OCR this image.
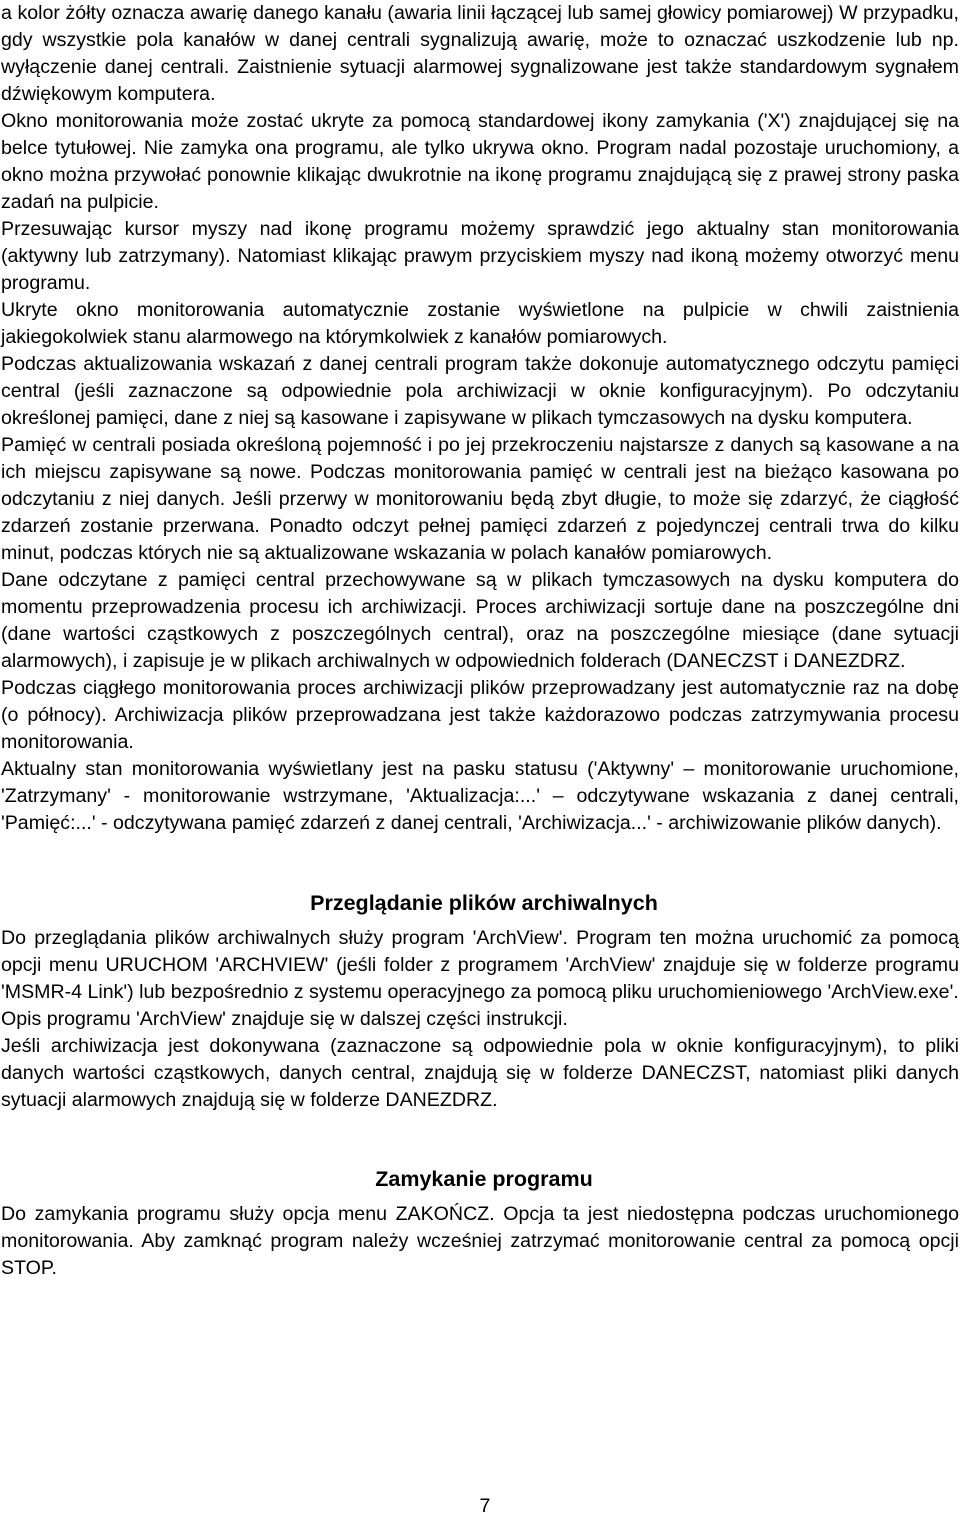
a kolor żółty oznacza awarię danego kanału (awaria linii łączącej lub samej głowicy pomiarowej) W przypadku, gdy wszystkie pola kanałów w danej centrali sygnalizują awarię, może to oznaczać uszkodzenie lub np. wyłączenie danej centrali. Zaistnienie sytuacji alarmowej sygnalizowane jest także standardowym sygnałem dźwiękowym komputera.

Okno monitorowania może zostać ukryte za pomocą standardowej ikony zamykania ('X') znajdującej się na belce tytułowej. Nie zamyka ona programu, ale tylko ukrywa okno. Program nadal pozostaje uruchomiony, a okno można przywołać ponownie klikając dwukrotnie na ikonę programu znajdującą się z prawej strony paska zadań na pulpicie.

Przesuwając kursor myszy nad ikonę programu możemy sprawdzić jego aktualny stan monitorowania (aktywny lub zatrzymany). Natomiast klikając prawym przyciskiem myszy nad ikoną możemy otworzyć menu programu.

Ukryte okno monitorowania automatycznie zostanie wyświetlone na pulpicie w chwili zaistnienia jakiegokolwiek stanu alarmowego na którymkolwiek z kanałów pomiarowych.

Podczas aktualizowania wskazań z danej centrali program także dokonuje automatycznego odczytu pamięci central (jeśli zaznaczone są odpowiednie pola archiwizacji w oknie konfiguracyjnym). Po odczytaniu określonej pamięci, dane z niej są kasowane i zapisywane w plikach tymczasowych na dysku komputera.

Pamięć w centrali posiada określoną pojemność i po jej przekroczeniu najstarsze z danych są kasowane a na ich miejscu zapisywane są nowe. Podczas monitorowania pamięć w centrali jest na bieżąco kasowana po odczytaniu z niej danych. Jeśli przerwy w monitorowaniu będą zbyt długie, to może się zdarzyć, że ciągłość zdarzeń zostanie przerwana. Ponadto odczyt pełnej pamięci zdarzeń z pojedynczej centrali trwa do kilku minut, podczas których nie są aktualizowane wskazania w polach kanałów pomiarowych.

Dane odczytane z pamięci central przechowywane są w plikach tymczasowych na dysku komputera do momentu przeprowadzenia procesu ich archiwizacji. Proces archiwizacji sortuje dane na poszczególne dni (dane wartości cząstkowych z poszczególnych central), oraz na poszczególne miesiące (dane sytuacji alarmowych), i zapisuje je w plikach archiwalnych w odpowiednich folderach (DANECZST i DANEZDRZ.

Podczas ciągłego monitorowania proces archiwizacji plików przeprowadzany jest automatycznie raz na dobę (o północy). Archiwizacja plików przeprowadzana jest także każdorazowo podczas zatrzymywania procesu monitorowania.

Aktualny stan monitorowania wyświetlany jest na pasku statusu ('Aktywny' – monitorowanie uruchomione, 'Zatrzymany' - monitorowanie wstrzymane, 'Aktualizacja:...' – odczytywane wskazania z danej centrali, 'Pamięć:...' - odczytywana pamięć zdarzeń z danej centrali, 'Archiwizacja...' - archiwizowanie plików danych).

Przeglądanie plików archiwalnych

Do przeglądania plików archiwalnych służy program 'ArchView'. Program ten można uruchomić za pomocą opcji menu URUCHOM 'ARCHVIEW' (jeśli folder z programem 'ArchView' znajduje się w folderze programu 'MSMR-4 Link') lub bezpośrednio z systemu operacyjnego za pomocą pliku uruchomieniowego 'ArchView.exe'.

Opis programu 'ArchView' znajduje się w dalszej części instrukcji.

Jeśli archiwizacja jest dokonywana (zaznaczone są odpowiednie pola w oknie konfiguracyjnym), to pliki danych wartości cząstkowych, danych central, znajdują się w folderze DANECZST, natomiast pliki danych sytuacji alarmowych znajdują się w folderze DANEZDRZ.

Zamykanie programu

Do zamykania programu służy opcja menu ZAKOŃCZ. Opcja ta jest niedostępna podczas uruchomionego monitorowania. Aby zamknąć program należy wcześniej zatrzymać monitorowanie central za pomocą opcji STOP.

7
